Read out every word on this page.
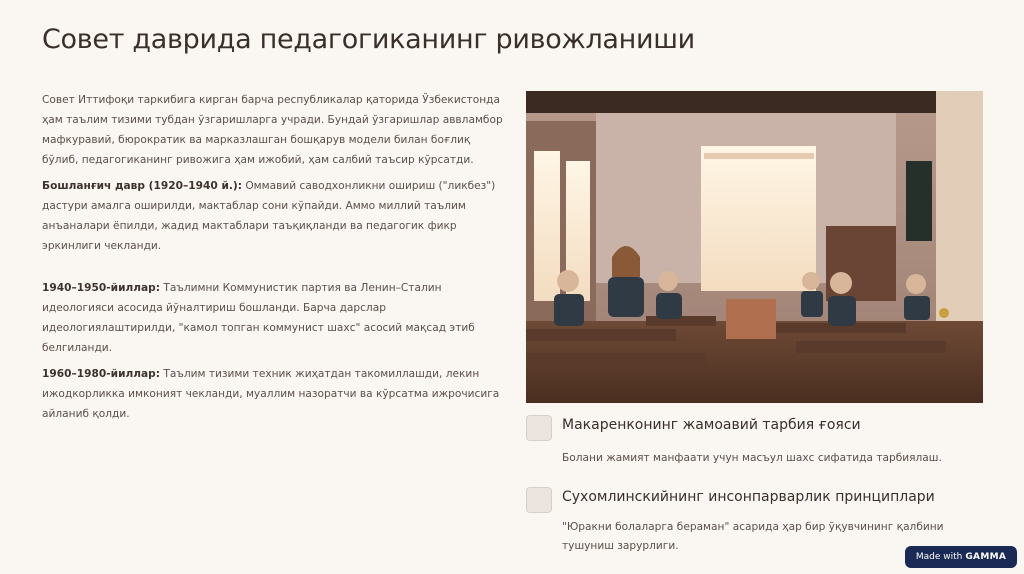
Совет даврида педагогиканинг ривожланиши

Совет Иттифоқи таркибига кирган барча республикалар қаторида Ўзбекистонда ҳам таълим тизими тубдан ўзгаришларга учради. Бундай ўзгаришлар аввламбор мафкуравий, бюрократик ва марказлашган бошқарув модели билан боғлиқ бўлиб, педагогиканинг ривожига ҳам ижобий, ҳам салбий таъсир кўрсатди.

Бошланғич давр (1920–1940 й.): Оммавий саводхонликни ошириш ("ликбез") дастури амалга оширилди, мактаблар сони кўпайди. Аммо миллий таълим анъаналари ёпилди, жадид мактаблари таъқиқланди ва педагогик фикр эркинлиги чекланди.

1940–1950-йиллар: Таълимни Коммунистик партия ва Ленин–Сталин идеологияси асосида йўналтириш бошланди. Барча дарслар идеологиялаштирилди, "камол топган коммунист шахс" асосий мақсад этиб белгиланди.

1960–1980-йиллар: Таълим тизими техник жиҳатдан такомиллашди, лекин ижодкорликка имконият чекланди, муаллим назоратчи ва кўрсатма ижрочисига айланиб қолди.

Макаренконинг жамоавий тарбия ғояси

Болани жамият манфаати учун масъул шахс сифатида тарбиялаш.

Сухомлинскийнинг инсонпарварлик принциплари

"Юракни болаларга бераман" асарида ҳар бир ўқувчининг қалбини тушуниш зарурлиги.

Made with GAMMA
